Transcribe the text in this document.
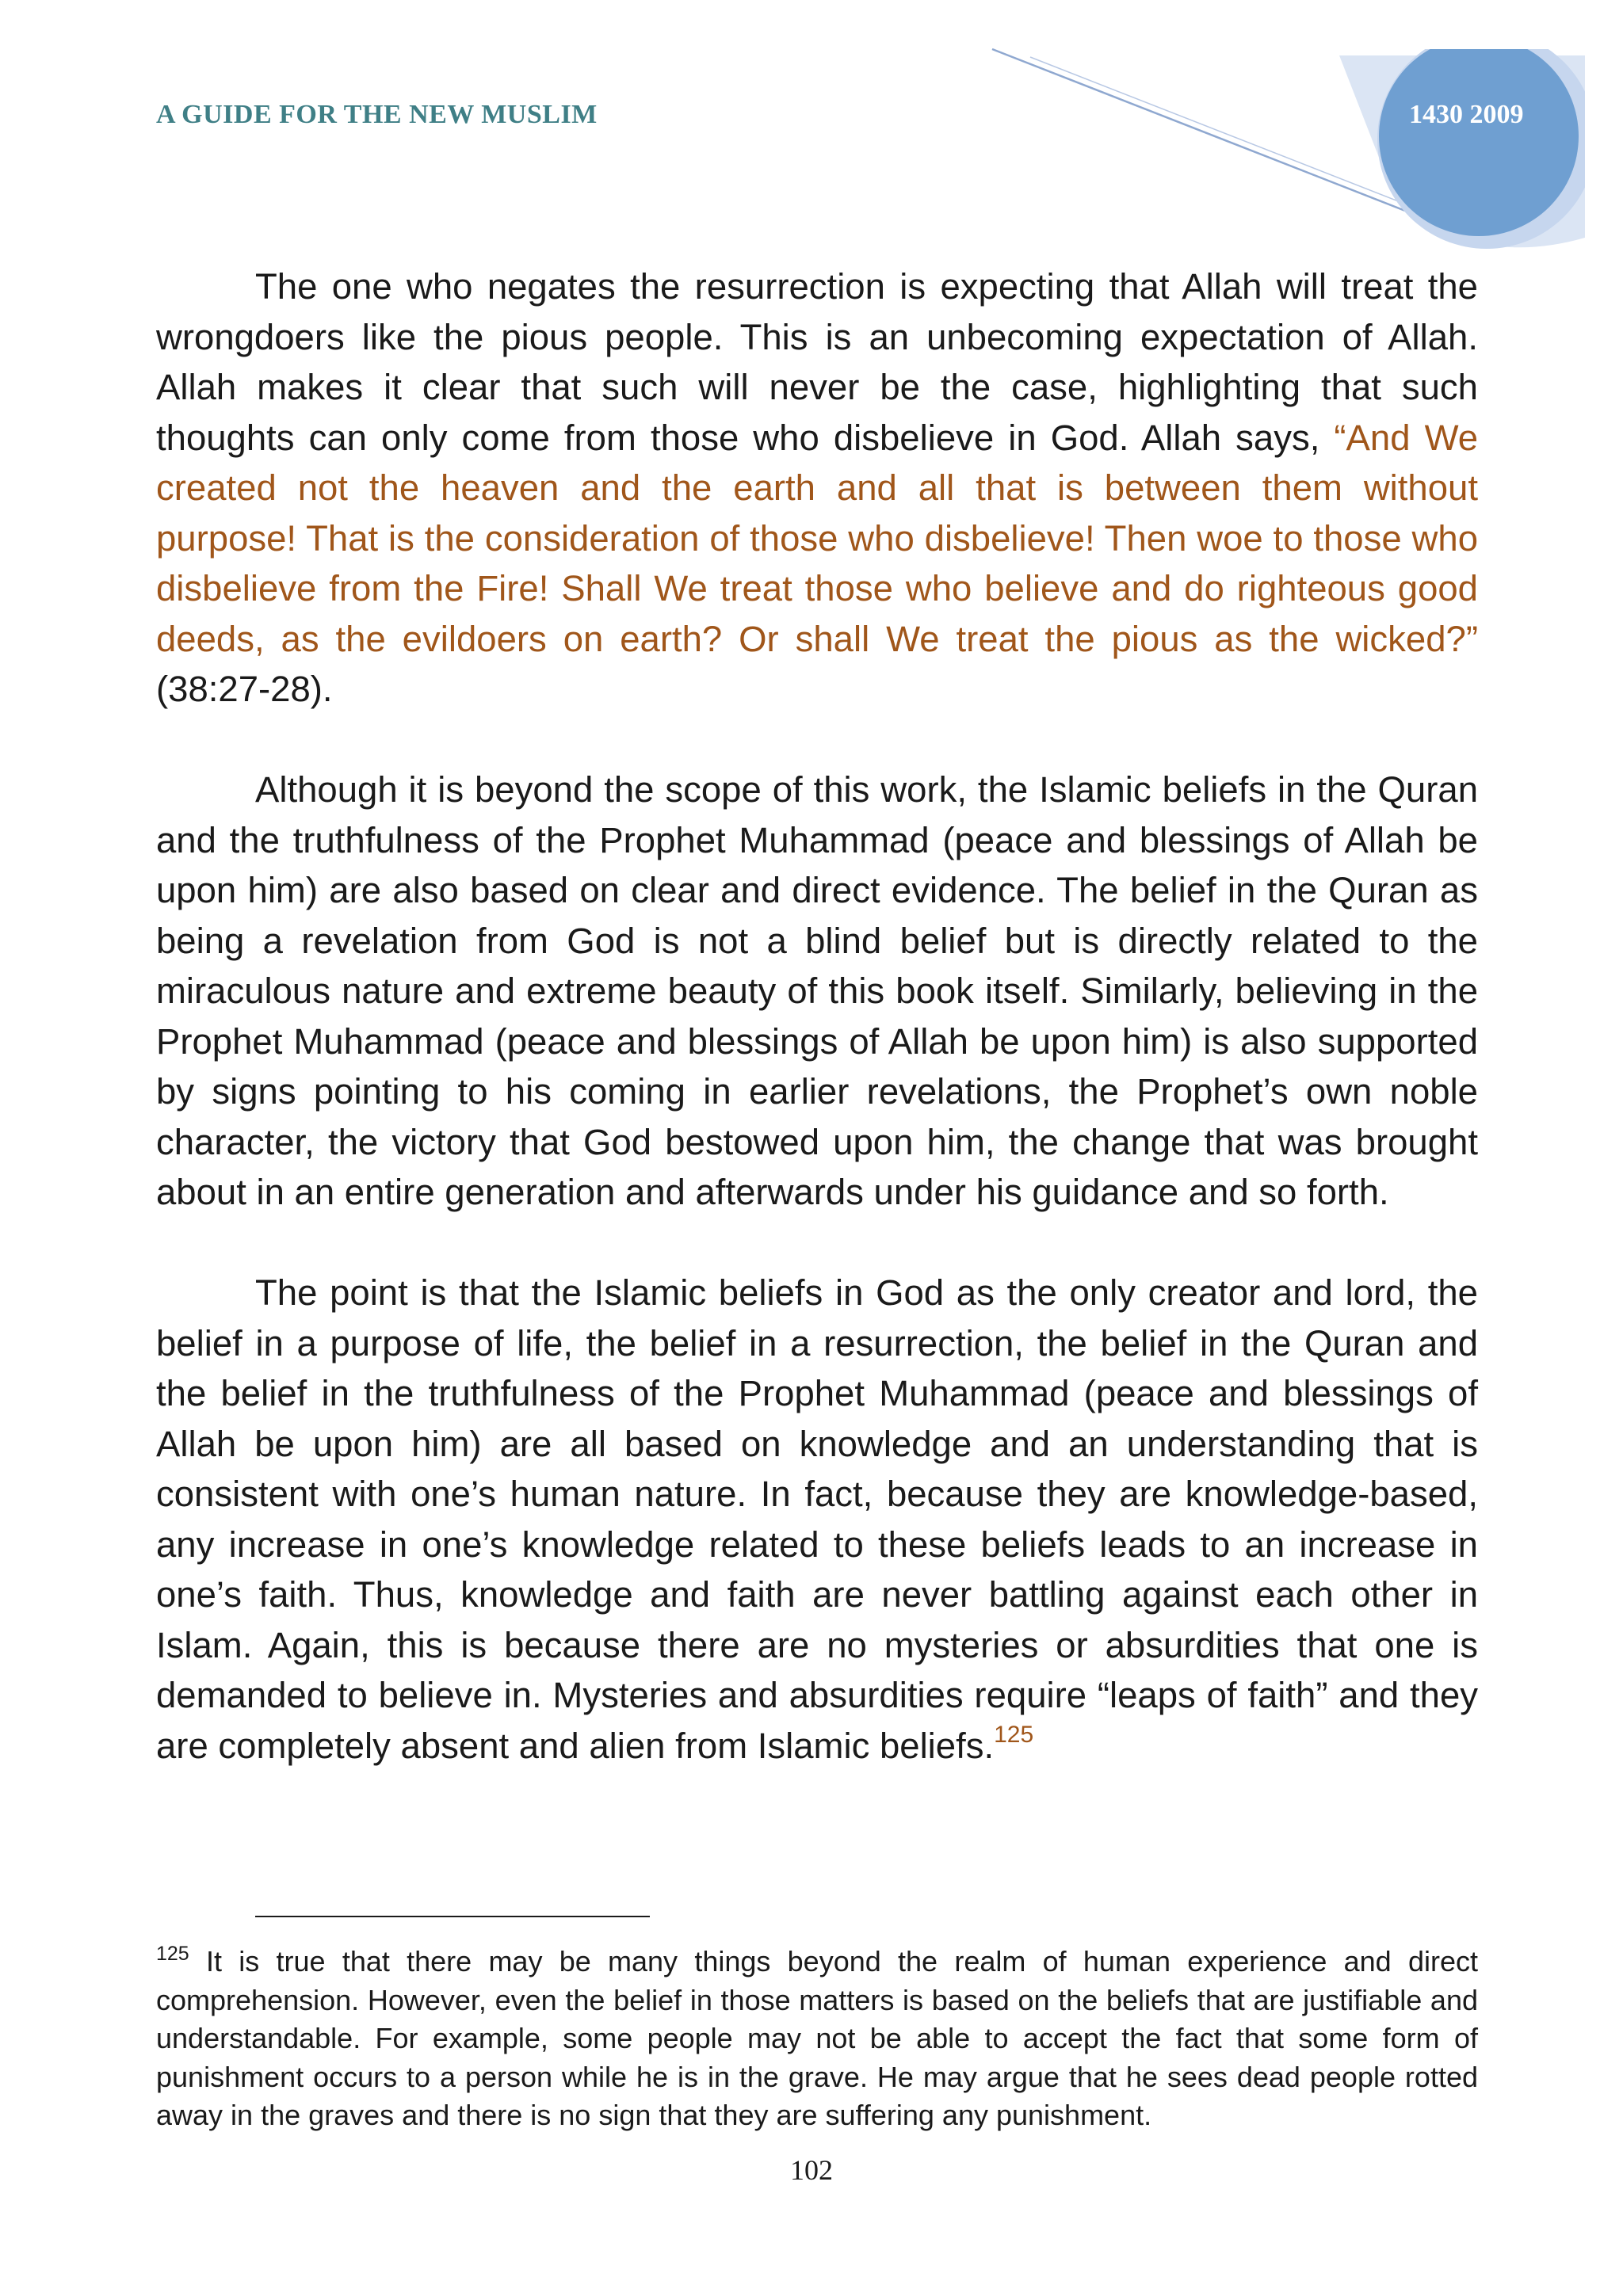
A GUIDE FOR THE NEW MUSLIM	1430 2009

The one who negates the resurrection is expecting that Allah will treat the wrongdoers like the pious people. This is an unbecoming expectation of Allah. Allah makes it clear that such will never be the case, highlighting that such thoughts can only come from those who disbelieve in God. Allah says, “And We created not the heaven and the earth and all that is between them without purpose! That is the consideration of those who disbelieve! Then woe to those who disbelieve from the Fire! Shall We treat those who believe and do righteous good deeds, as the evildoers on earth? Or shall We treat the pious as the wicked?” (38:27-28).

Although it is beyond the scope of this work, the Islamic beliefs in the Quran and the truthfulness of the Prophet Muhammad (peace and blessings of Allah be upon him) are also based on clear and direct evidence. The belief in the Quran as being a revelation from God is not a blind belief but is directly related to the miraculous nature and extreme beauty of this book itself. Similarly, believing in the Prophet Muhammad (peace and blessings of Allah be upon him) is also supported by signs pointing to his coming in earlier revelations, the Prophet’s own noble character, the victory that God bestowed upon him, the change that was brought about in an entire generation and afterwards under his guidance and so forth.

The point is that the Islamic beliefs in God as the only creator and lord, the belief in a purpose of life, the belief in a resurrection, the belief in the Quran and the belief in the truthfulness of the Prophet Muhammad (peace and blessings of Allah be upon him) are all based on knowledge and an understanding that is consistent with one’s human nature. In fact, because they are knowledge-based, any increase in one’s knowledge related to these beliefs leads to an increase in one’s faith. Thus, knowledge and faith are never battling against each other in Islam. Again, this is because there are no mysteries or absurdities that one is demanded to believe in. Mysteries and absurdities require “leaps of faith” and they are completely absent and alien from Islamic beliefs.$^{125}$

$^{125}$ It is true that there may be many things beyond the realm of human experience and direct comprehension. However, even the belief in those matters is based on the beliefs that are justifiable and understandable. For example, some people may not be able to accept the fact that some form of punishment occurs to a person while he is in the grave. He may argue that he sees dead people rotted away in the graves and there is no sign that they are suffering any punishment.
102
